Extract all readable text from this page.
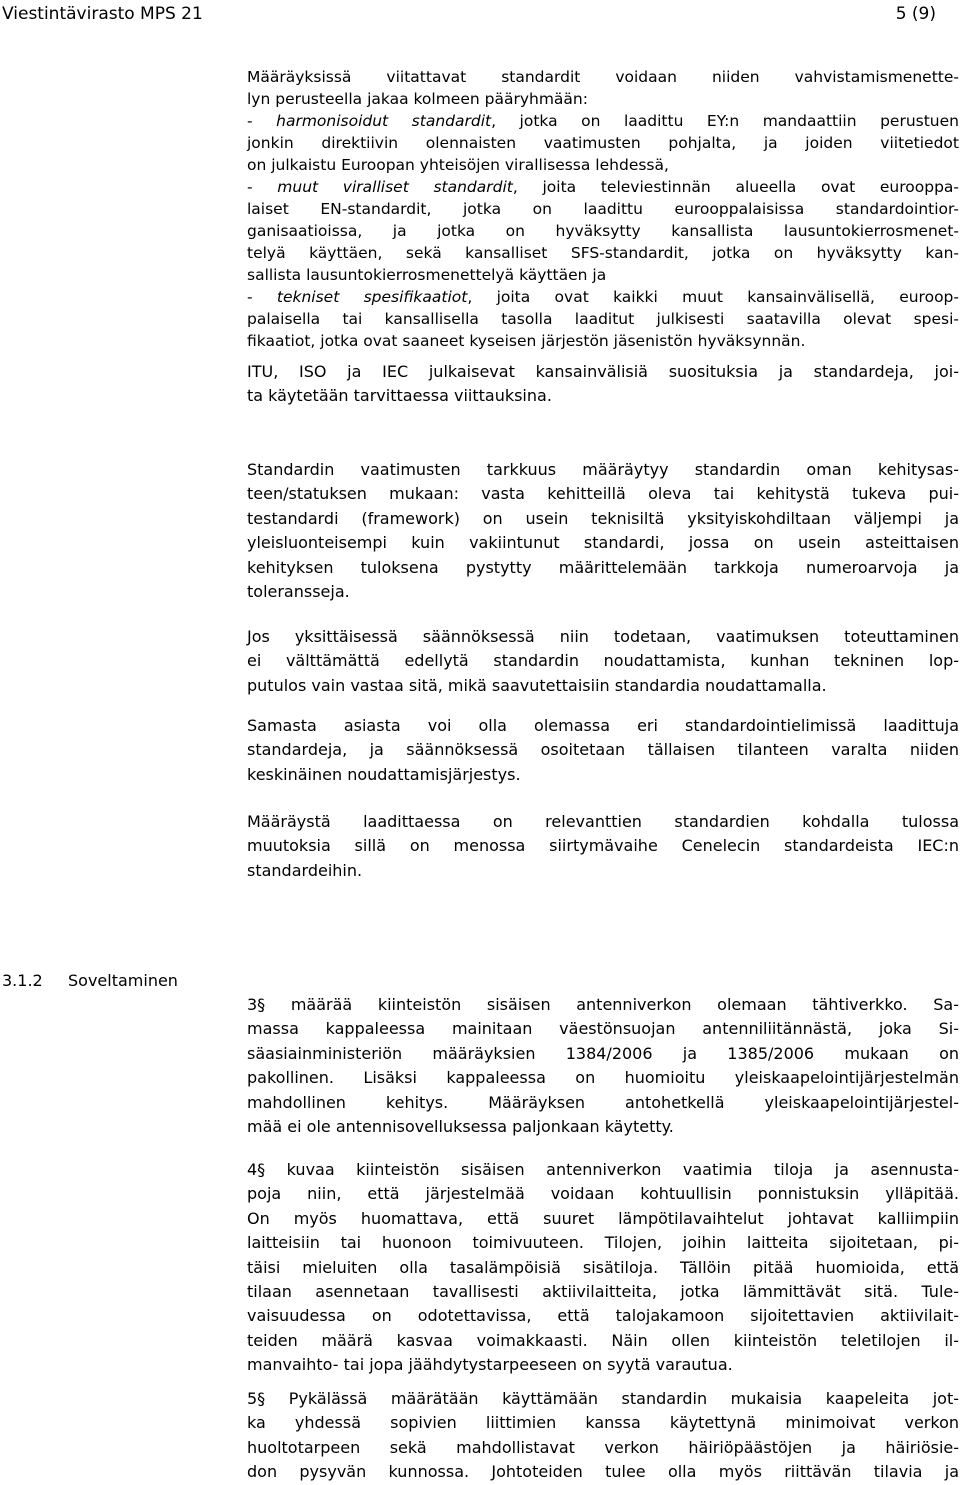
Viestintävirasto MPS 21	5 (9)
Määräyksissä viitattavat standardit voidaan niiden vahvistamismenette-
lyn perusteella jakaa kolmeen pääryhmään:
- harmonisoidut standardit, jotka on laadittu EY:n mandaattiin perustuen
jonkin direktiivin olennaisten vaatimusten pohjalta, ja joiden viitetiedot
on julkaistu Euroopan yhteisöjen virallisessa lehdessä,
- muut viralliset standardit, joita televiestinnän alueella ovat eurooppa-
laiset EN-standardit, jotka on laadittu eurooppalaisissa standardointior-
ganisaatioissa, ja jotka on hyväksytty kansallista lausuntokierrosmenet-
telyä käyttäen, sekä kansalliset SFS-standardit, jotka on hyväksytty kan-
sallista lausuntokierrosmenettelyä käyttäen ja
- tekniset spesifikaatiot, joita ovat kaikki muut kansainvälisellä, euroop-
palaisella tai kansallisella tasolla laaditut julkisesti saatavilla olevat spesi-
fikaatiot, jotka ovat saaneet kyseisen järjestön jäsenistön hyväksynnän.
ITU, ISO ja IEC julkaisevat kansainvälisiä suosituksia ja standardeja, joi-
ta käytetään tarvittaessa viittauksina.
Standardin vaatimusten tarkkuus määräytyy standardin oman kehitysas-
teen/statuksen mukaan: vasta kehitteillä oleva tai kehitystä tukeva pui-
testandardi (framework) on usein teknisiltä yksityiskohdiltaan väljempi ja
yleisluonteisempi kuin vakiintunut standardi, jossa on usein asteittaisen
kehityksen tuloksena pystytty määrittelemään tarkkoja numeroarvoja ja
toleransseja.
Jos yksittäisessä säännöksessä niin todetaan, vaatimuksen toteuttaminen
ei välttämättä edellytä standardin noudattamista, kunhan tekninen lop-
putulos vain vastaa sitä, mikä saavutettaisiin standardia noudattamalla.
Samasta asiasta voi olla olemassa eri standardointielimissä laadittuja
standardeja, ja säännöksessä osoitetaan tällaisen tilanteen varalta niiden
keskinäinen noudattamisjärjestys.
Määräystä laadittaessa on relevanttien standardien kohdalla tulossa
muutoksia sillä on menossa siirtymävaihe Cenelecin standardeista IEC:n
standardeihin.
3.1.2 Soveltaminen
3§ määrää kiinteistön sisäisen antenniverkon olemaan tähtiverkko. Sa-
massa kappaleessa mainitaan väestönsuojan antenniliitännästä, joka Si-
säasiainministeriön määräyksien 1384/2006 ja 1385/2006 mukaan on
pakollinen. Lisäksi kappaleessa on huomioitu yleiskaapelointijärjestelmän
mahdollinen kehitys. Määräyksen antohetkellä yleiskaapelointijärjestel-
mää ei ole antennisovelluksessa paljonkaan käytetty.
4§ kuvaa kiinteistön sisäisen antenniverkon vaatimia tiloja ja asennusta-
poja niin, että järjestelmää voidaan kohtuullisin ponnistuksin ylläpitää.
On myös huomattava, että suuret lämpötilavaihtelut johtavat kalliimpiin
laitteisiin tai huonoon toimivuuteen. Tilojen, joihin laitteita sijoitetaan, pi-
täisi mieluiten olla tasalämpöisiä sisätiloja. Tällöin pitää huomioida, että
tilaan asennetaan tavallisesti aktiivilaitteita, jotka lämmittävät sitä. Tule-
vaisuudessa on odotettavissa, että talojakamoon sijoitettavien aktiivilait-
teiden määrä kasvaa voimakkaasti. Näin ollen kiinteistön teletilojen il-
manvaihto- tai jopa jäähdytystarpeeseen on syytä varautua.
5§ Pykälässä määrätään käyttämään standardin mukaisia kaapeleita jot-
ka yhdessä sopivien liittimien kanssa käytettynä minimoivat verkon
huoltotarpeen sekä mahdollistavat verkon häiriöpäästöjen ja häiriösie-
don pysyvän kunnossa. Johtoteiden tulee olla myös riittävän tilavia ja
